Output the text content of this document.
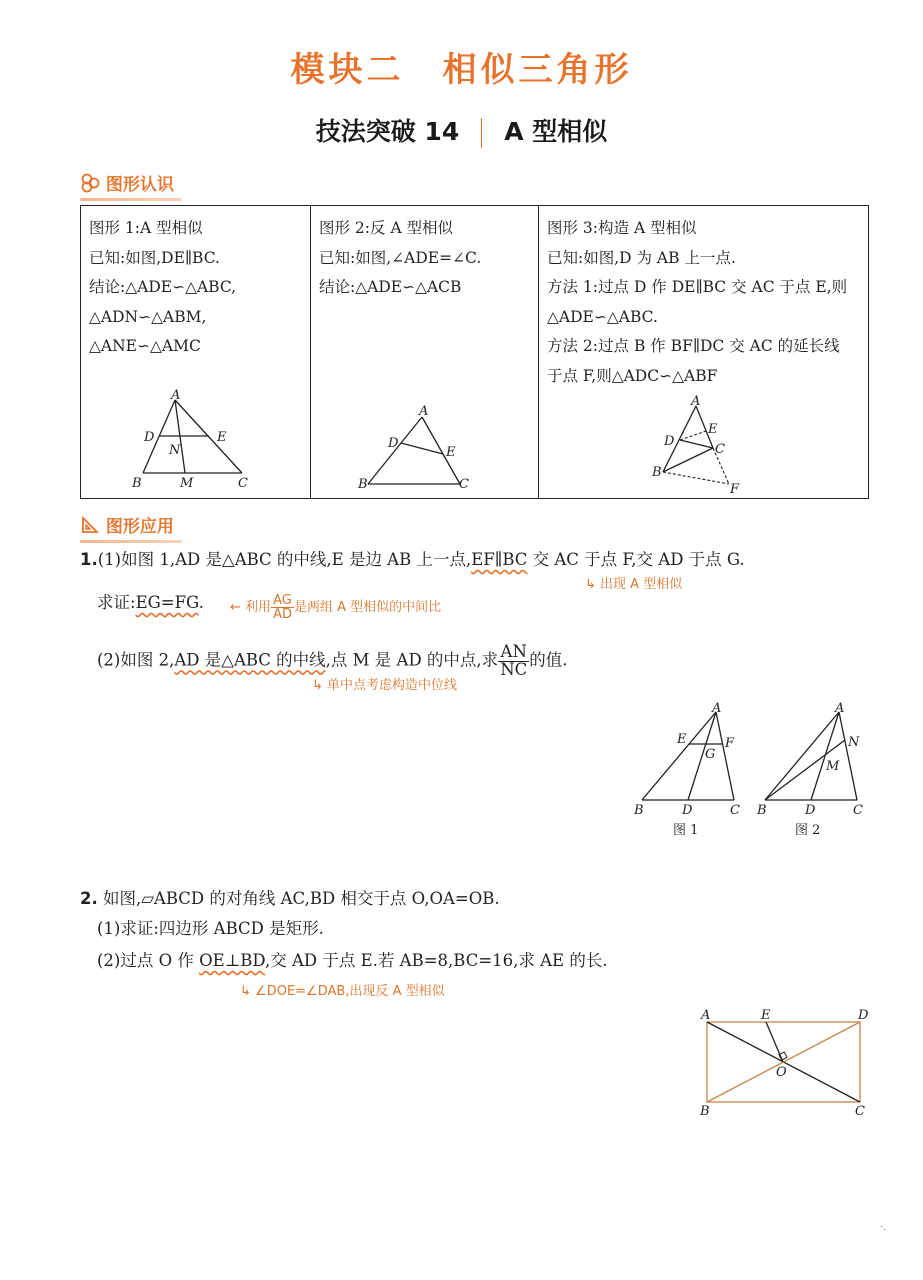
模块二　相似三角形
技法突破 14 A 型相似
图形认识
图形 1:A 型相似
已知:如图,DE∥BC.
结论:△ADE∽△ABC,
△ADN∽△ABM,
△ANE∽△AMC

图形 2:反 A 型相似
已知:如图,∠ADE=∠C.
结论:△ADE∽△ACB

图形 3:构造 A 型相似
已知:如图,D 为 AB 上一点.
方法 1:过点 D 作 DE∥BC 交 AC 于点 E,则
△ADE∽△ABC.
方法 2:过点 B 作 BF∥DC 交 AC 的延长线
于点 F,则△ADC∽△ABF
A
D	E
N
B	M	C
A
D
E
B	C
A
D
E
C
B
F
图形应用
1.(1)如图 1,AD 是△ABC 的中线,E 是边 AB 上一点,EF∥BC 交 AC 于点 F,交 AD 于点 G.
↳ 出现 A 型相似
求证:EG=FG. ← 利用 $\frac{AG}{AD}$ 是两组 A 型相似的中间比
(2)如图 2,AD 是△ABC 的中线,点 M 是 AD 的中点,求 $\frac{AN}{NC}$ 的值.
↳ 单中点考虑构造中位线
A
E	F
G
B	D	C
图 1
A
N
M
B	D	C
图 2
2. 如图,▱ABCD 的对角线 AC,BD 相交于点 O,OA=OB.
(1)求证:四边形 ABCD 是矩形.
(2)过点 O 作 OE⊥BD,交 AD 于点 E.若 AB=8,BC=16,求 AE 的长.
↳ ∠DOE=∠DAB,出现反 A 型相似
A	E	D
O
B	C
·.
